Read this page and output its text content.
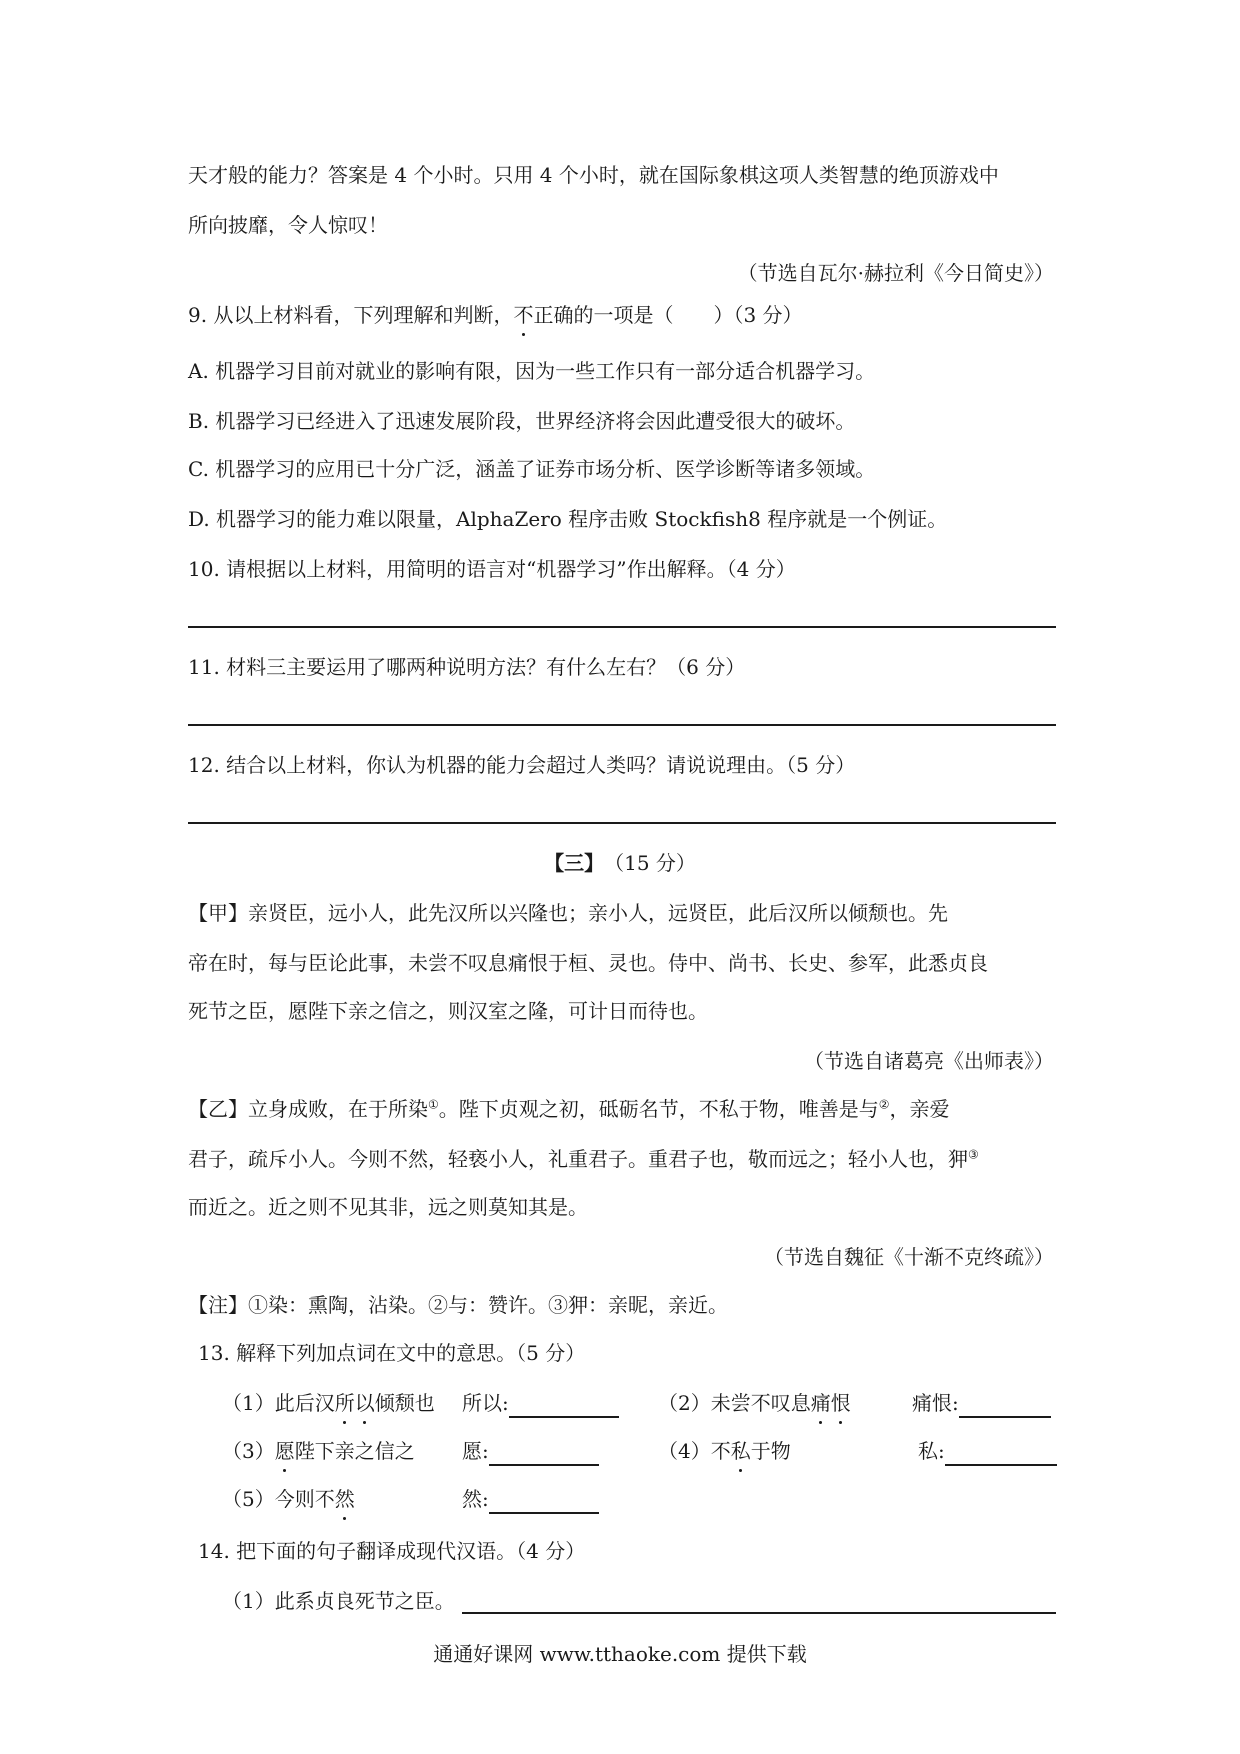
天才般的能力？答案是 4 个小时。只用 4 个小时，就在国际象棋这项人类智慧的绝顶游戏中
所向披靡，令人惊叹！
（节选自瓦尔·赫拉利《今日简史》）
9. 从以上材料看，下列理解和判断，不正确的一项是（　　）（3 分）
A. 机器学习目前对就业的影响有限，因为一些工作只有一部分适合机器学习。
B. 机器学习已经进入了迅速发展阶段，世界经济将会因此遭受很大的破坏。
C. 机器学习的应用已十分广泛，涵盖了证券市场分析、医学诊断等诸多领域。
D. 机器学习的能力难以限量，AlphaZero 程序击败 Stockfish8 程序就是一个例证。
10. 请根据以上材料，用简明的语言对“机器学习”作出解释。（4 分）
11. 材料三主要运用了哪两种说明方法？有什么左右？（6 分）
12. 结合以上材料，你认为机器的能力会超过人类吗？请说说理由。（5 分）
【三】　 （15 分）
【甲】亲贤臣，远小人，此先汉所以兴隆也；亲小人，远贤臣，此后汉所以倾颓也。先
帝在时，每与臣论此事，未尝不叹息痛恨于桓、灵也。侍中、尚书、长史、参军，此悉贞良
死节之臣，愿陛下亲之信之，则汉室之隆，可计日而待也。
（节选自诸葛亮《出师表》）
【乙】立身成败，在于所染①。陛下贞观之初，砥砺名节，不私于物，唯善是与②，亲爱
君子，疏斥小人。今则不然，轻亵小人，礼重君子。重君子也，敬而远之；轻小人也，狎③
而近之。近之则不见其非，远之则莫知其是。
（节选自魏征《十渐不克终疏》）
【注】①染：熏陶，沾染。②与：赞许。③狎：亲昵，亲近。
13. 解释下列加点词在文中的意思。（5 分）
（1）此后汉所以倾颓也 所以:	（2）未尝不叹息痛恨	痛恨:
（3）愿陛下亲之信之 愿:	（4）不私于物	私:
（5）今则不然	然:
14. 把下面的句子翻译成现代汉语。（4 分）
（1）此系贞良死节之臣。
通通好课网 www.tthaoke.com 提供下载
